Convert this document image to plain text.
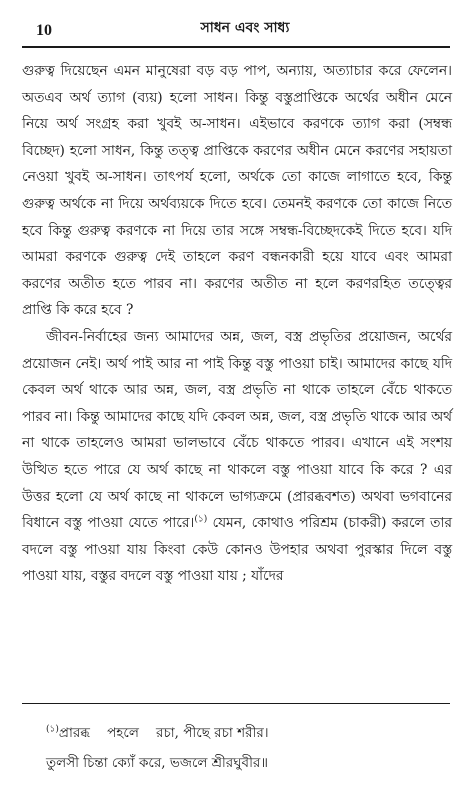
10	সাধন এবং সাধ্য

গুরুত্ব দিয়েছেন এমন মানুষেরা বড় বড় পাপ, অন্যায়, অত্যাচার করে ফেলেন। অতএব অর্থ ত্যাগ (ব্যয়) হলো সাধন। কিন্তু বস্তুপ্রাপ্তিকে অর্থের অধীন মেনে নিয়ে অর্থ সংগ্রহ করা খুবই অ-সাধন। এইভাবে করণকে ত্যাগ করা (সম্বন্ধ বিচ্ছেদ) হলো সাধন, কিন্তু তত্ত্ব প্রাপ্তিকে করণের অধীন মেনে করণের সহায়তা নেওয়া খুবই অ-সাধন। তাৎপর্য হলো, অর্থকে তো কাজে লাগাতে হবে, কিন্তু গুরুত্ব অর্থকে না দিয়ে অর্থব্যয়কে দিতে হবে। তেমনই করণকে তো কাজে নিতে হবে কিন্তু গুরুত্ব করণকে না দিয়ে তার সঙ্গে সম্বন্ধ-বিচ্ছেদকেই দিতে হবে। যদি আমরা করণকে গুরুত্ব দেই তাহলে করণ বন্ধনকারী হয়ে যাবে এবং আমরা করণের অতীত হতে পারব না। করণের অতীত না হলে করণরহিত তত্ত্বের প্রাপ্তি কি করে হবে ?

জীবন-নির্বাহের জন্য আমাদের অন্ন, জল, বস্ত্র প্রভৃতির প্রয়োজন, অর্থের প্রয়োজন নেই। অর্থ পাই আর না পাই কিন্তু বস্তু পাওয়া চাই। আমাদের কাছে যদি কেবল অর্থ থাকে আর অন্ন, জল, বস্ত্র প্রভৃতি না থাকে তাহলে বেঁচে থাকতে পারব না। কিন্তু আমাদের কাছে যদি কেবল অন্ন, জল, বস্ত্র প্রভৃতি থাকে আর অর্থ না থাকে তাহলেও আমরা ভালভাবে বেঁচে থাকতে পারব। এখানে এই সংশয় উত্থিত হতে পারে যে অর্থ কাছে না থাকলে বস্তু পাওয়া যাবে কি করে ? এর উত্তর হলো যে অর্থ কাছে না থাকলে ভাগ্যক্রমে (প্রারব্ধবশত) অথবা ভগবানের বিধানে বস্তু পাওয়া যেতে পারে।$^{(১)}$ যেমন, কোথাও পরিশ্রম (চাকরী) করলে তার বদলে বস্তু পাওয়া যায় কিংবা কেউ কোনও উপহার অথবা পুরস্কার দিলে বস্তু পাওয়া যায়, বস্তুর বদলে বস্তু পাওয়া যায় ; যাঁদের

$^{(১)}$প্রারব্ধ    পহলে    রচা, পীছে রচা শরীর।
তুলসী চিন্তা ক্যোঁ করে, ভজলে শ্রীরঘুবীর॥
